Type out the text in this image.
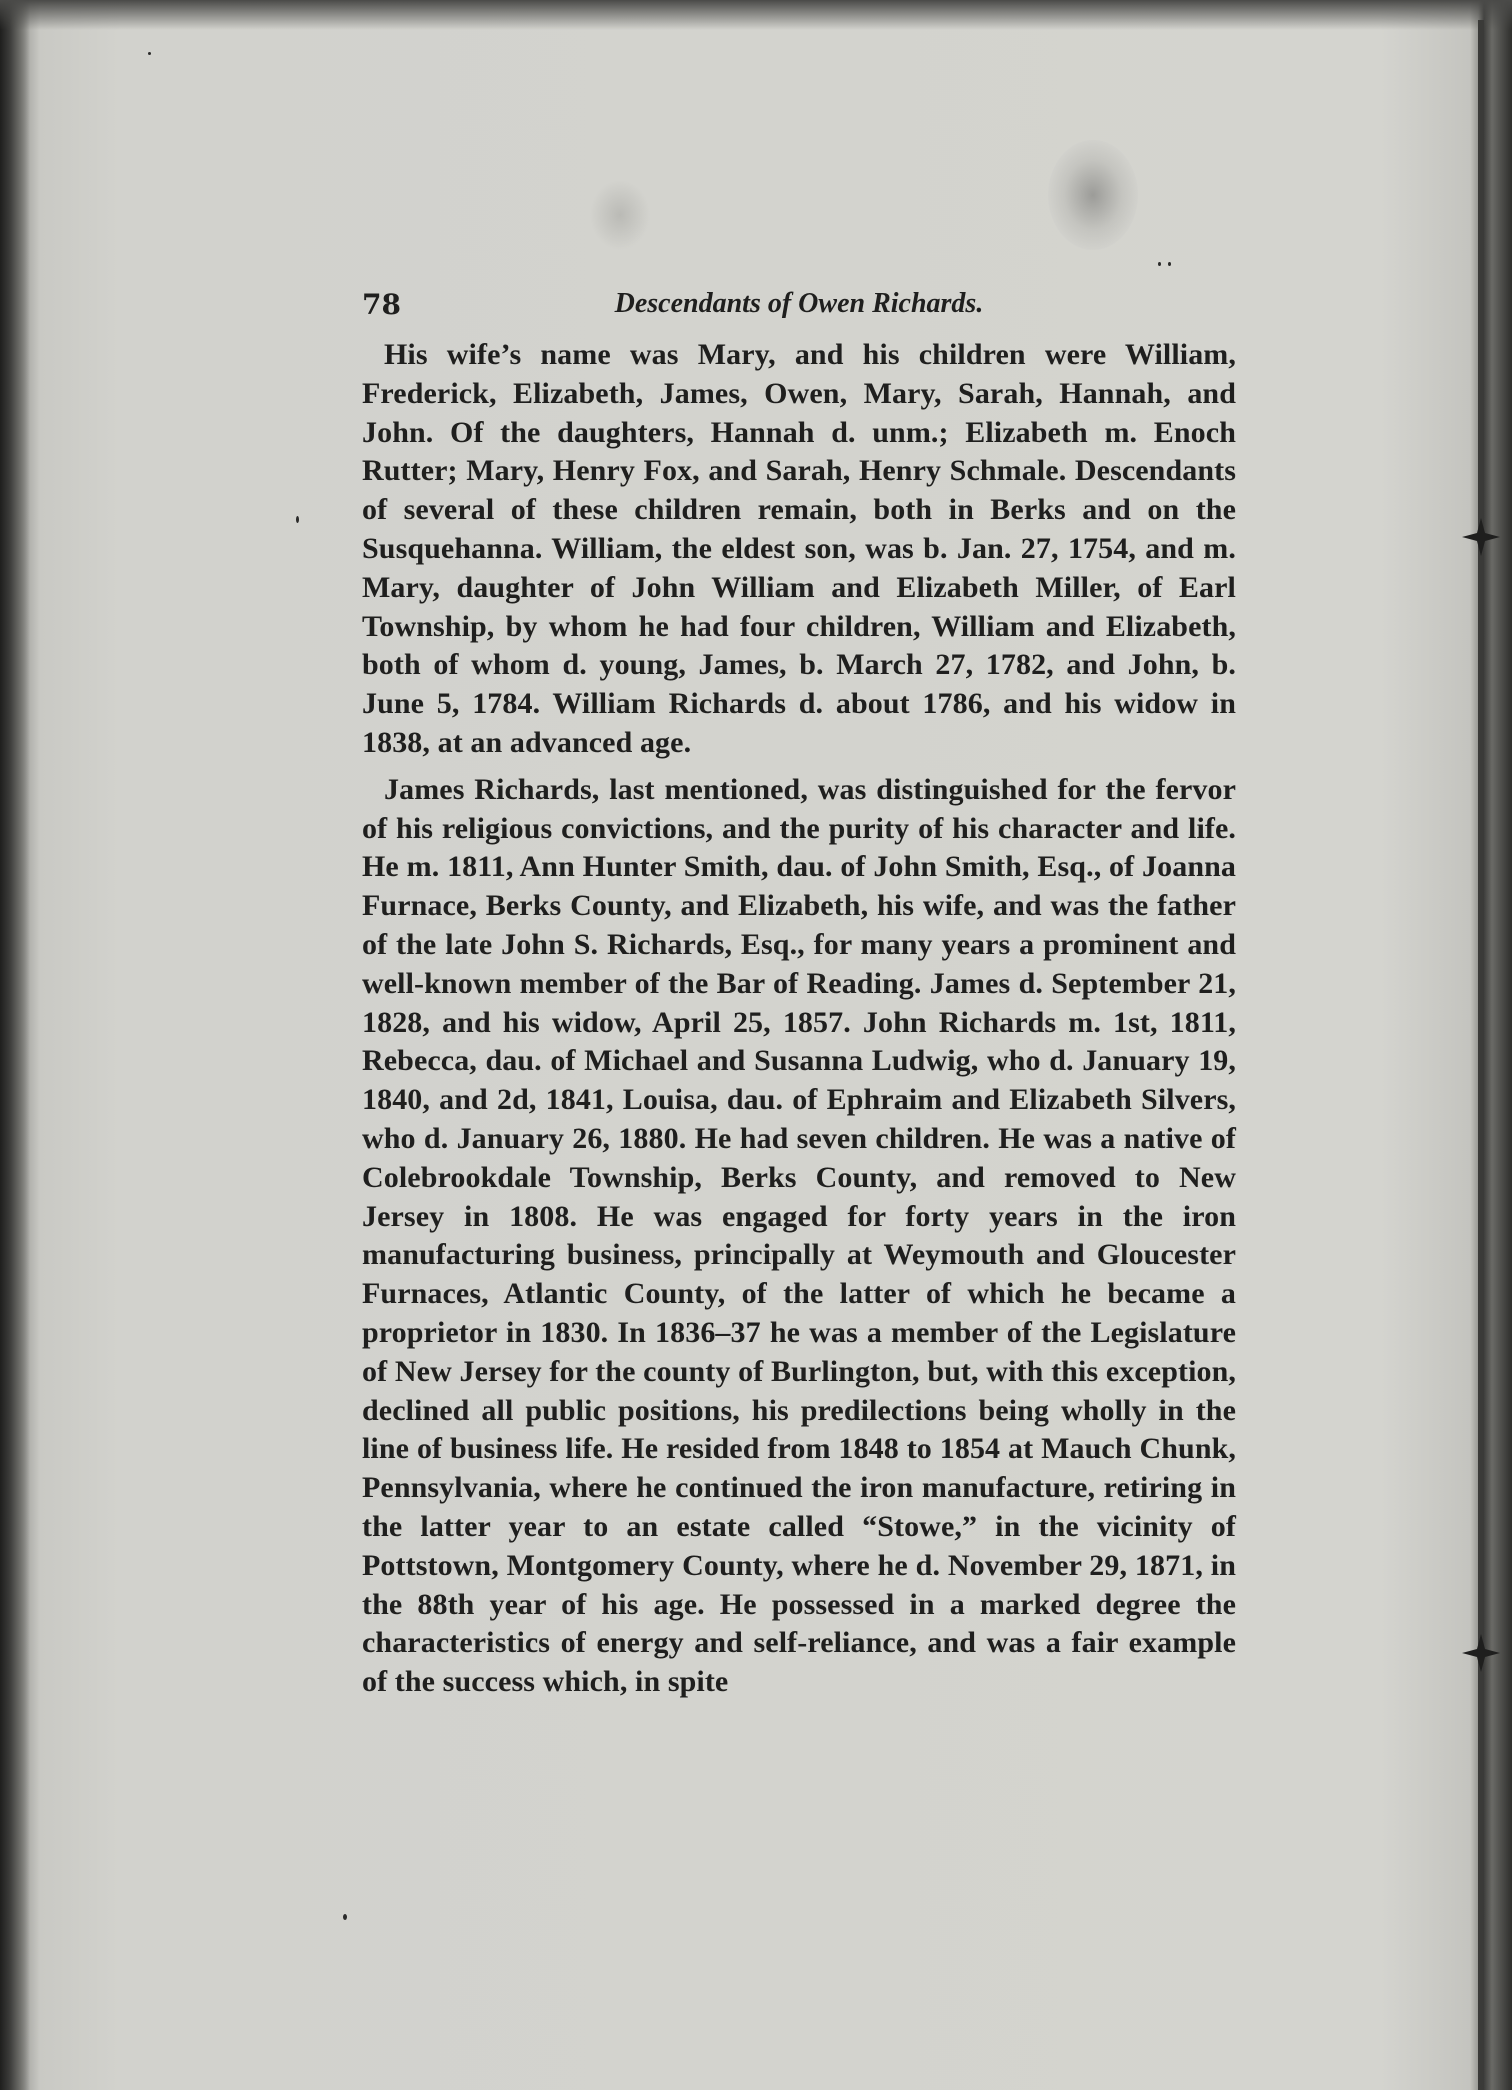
78	Descendants of Owen Richards.

His wife’s name was Mary, and his children were William, Frederick, Elizabeth, James, Owen, Mary, Sarah, Hannah, and John. Of the daughters, Hannah d. unm.; Elizabeth m. Enoch Rutter; Mary, Henry Fox, and Sarah, Henry Schmale. Descendants of several of these children remain, both in Berks and on the Susquehanna. William, the eldest son, was b. Jan. 27, 1754, and m. Mary, daughter of John William and Elizabeth Miller, of Earl Township, by whom he had four children, William and Elizabeth, both of whom d. young, James, b. March 27, 1782, and John, b. June 5, 1784. William Richards d. about 1786, and his widow in 1838, at an advanced age.

James Richards, last mentioned, was distinguished for the fervor of his religious convictions, and the purity of his character and life. He m. 1811, Ann Hunter Smith, dau. of John Smith, Esq., of Joanna Furnace, Berks County, and Elizabeth, his wife, and was the father of the late John S. Richards, Esq., for many years a prominent and well-known member of the Bar of Reading. James d. September 21, 1828, and his widow, April 25, 1857. John Richards m. 1st, 1811, Rebecca, dau. of Michael and Susanna Ludwig, who d. January 19, 1840, and 2d, 1841, Louisa, dau. of Ephraim and Elizabeth Silvers, who d. January 26, 1880. He had seven children. He was a native of Colebrookdale Township, Berks County, and removed to New Jersey in 1808. He was engaged for forty years in the iron manufacturing business, principally at Weymouth and Gloucester Furnaces, Atlantic County, of the latter of which he became a proprietor in 1830. In 1836–37 he was a member of the Legislature of New Jersey for the county of Burlington, but, with this exception, declined all public positions, his predilections being wholly in the line of business life. He resided from 1848 to 1854 at Mauch Chunk, Pennsylvania, where he continued the iron manufacture, retiring in the latter year to an estate called “Stowe,” in the vicinity of Pottstown, Montgomery County, where he d. November 29, 1871, in the 88th year of his age. He possessed in a marked degree the characteristics of energy and self-reliance, and was a fair example of the success which, in spite
